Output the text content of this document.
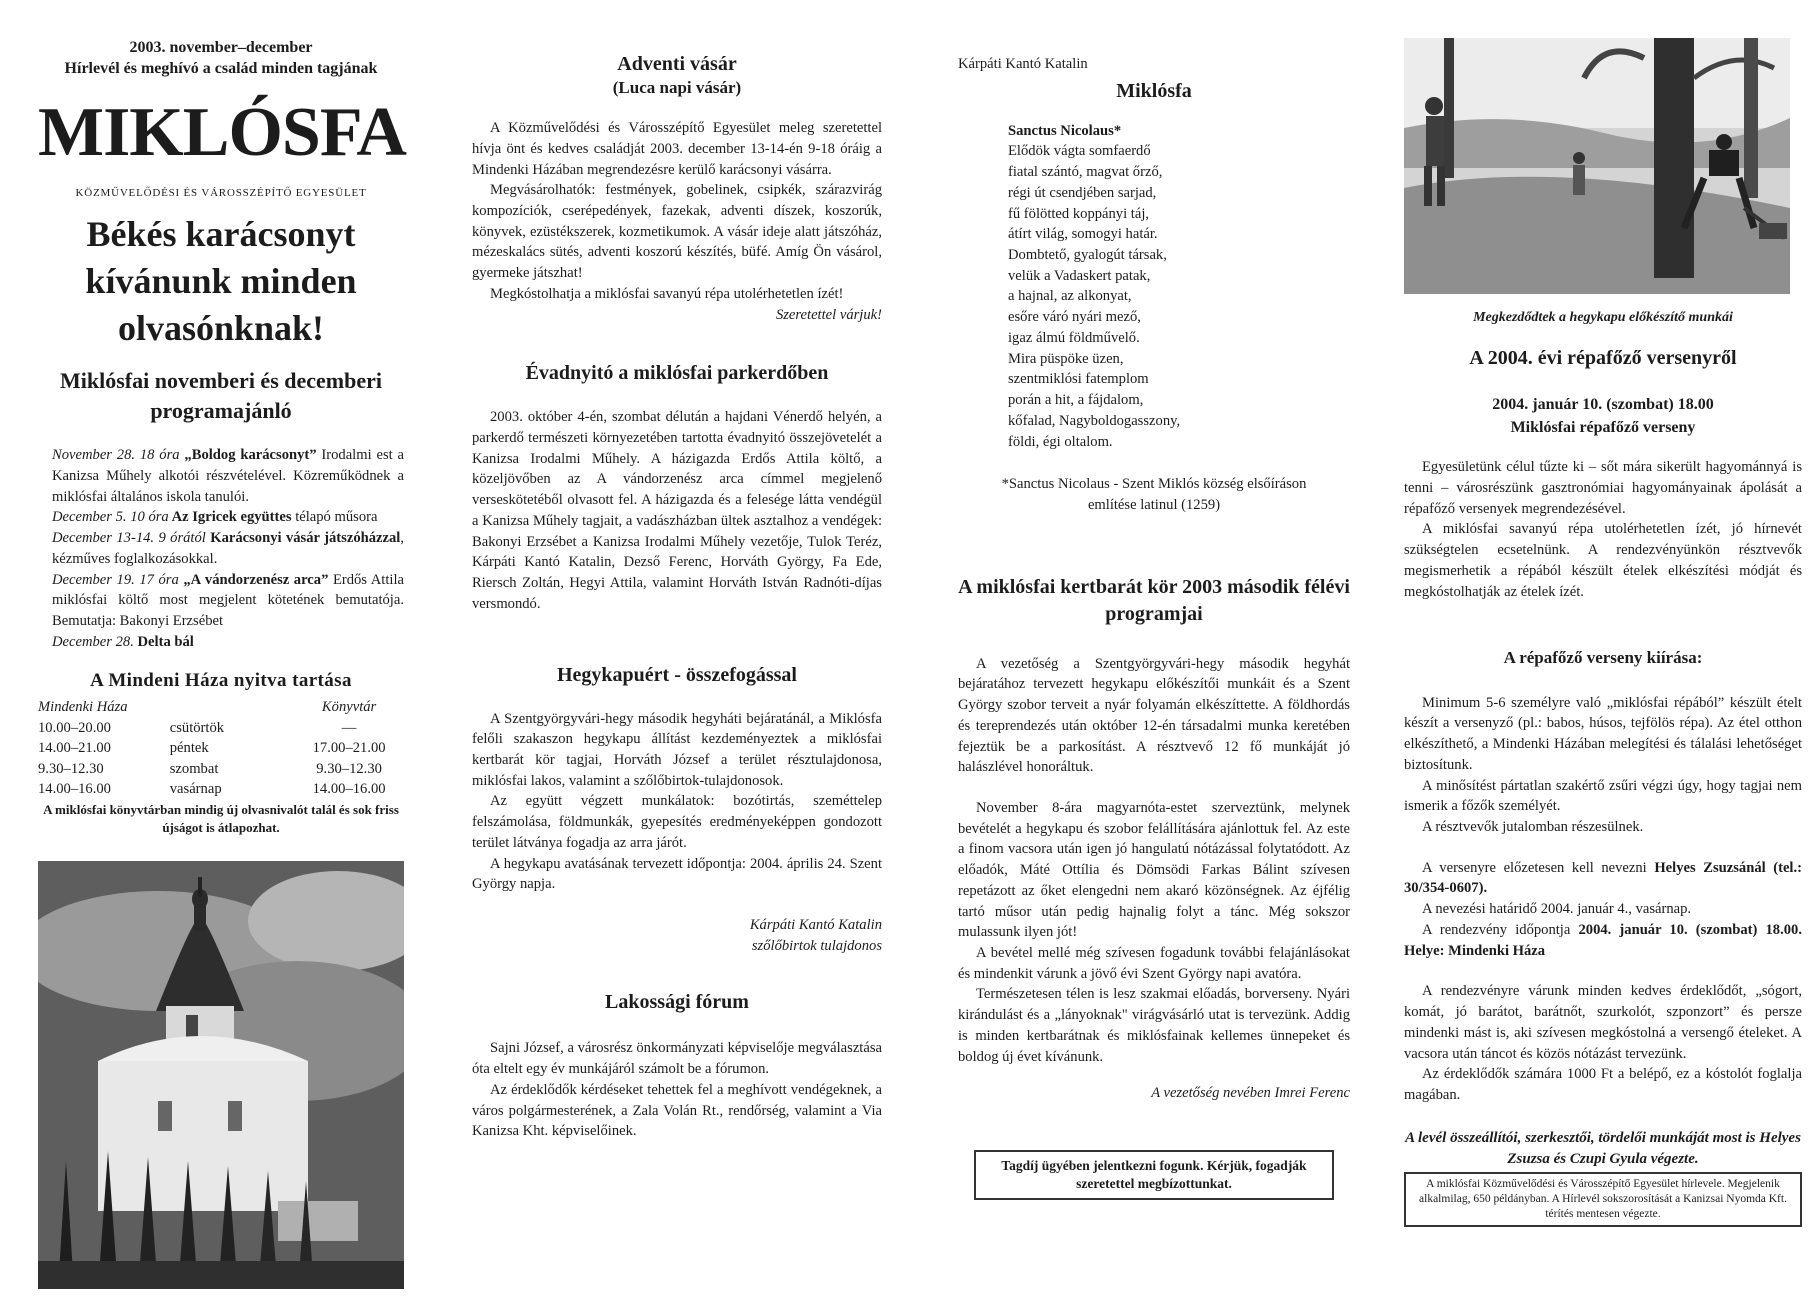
2003. november–december
Hírlevél és meghívó a család minden tagjának
MIKLÓSFA
KÖZMŰVELŐDÉSI ÉS VÁROSSZÉPÍTŐ EGYESÜLET
Békés karácsonyt kívánunk minden olvasónknak!
Miklósfai novemberi és decemberi programajánló

November 28. 18 óra „Boldog karácsonyt” Irodalmi est a Kanizsa Műhely alkotói részvételével. Közreműködnek a miklósfai általános iskola tanulói.

December 5. 10 óra Az Igricek együttes télapó műsora

December 13-14. 9 órától Karácsonyi vásár játszóházzal, kézműves foglalkozásokkal.

December 19. 17 óra „A vándorzenész arca” Erdős Attila miklósfai költő most megjelent kötetének bemutatója. Bemutatja: Bakonyi Erzsébet

December 28. Delta bál

A Mindeni Háza nyitva tartása
Mindenki Háza		Könyvtár
10.00–20.00	csütörtök	—
14.00–21.00	péntek	17.00–21.00
9.30–12.30	szombat	9.30–12.30
14.00–16.00	vasárnap	14.00–16.00
A miklósfai könyvtárban mindig új olvasnivalót talál és sok friss újságot is átlapozhat.
Adventi vásár
(Luca napi vásár)

A Közművelődési és Városszépítő Egyesület meleg szeretettel hívja önt és kedves családját 2003. december 13-14-én 9-18 óráig a Mindenki Házában megrendezésre kerülő karácsonyi vásárra.

Megvásárolhatók: festmények, gobelinek, csipkék, szárazvirág kompozíciók, cserépedények, fazekak, adventi díszek, koszorúk, könyvek, ezüstékszerek, kozmetikumok. A vásár ideje alatt játszóház, mézeskalács sütés, adventi koszorú készítés, büfé. Amíg Ön vásárol, gyermeke játszhat!

Megkóstolhatja a miklósfai savanyú répa utolérhetetlen ízét!

Szeretettel várjuk!
Évadnyitó a miklósfai parkerdőben

2003. október 4-én, szombat délután a hajdani Vénerdő helyén, a parkerdő természeti környezetében tartotta évadnyitó összejövetelét a Kanizsa Irodalmi Műhely. A házigazda Erdős Attila költő, a közeljövőben az A vándorzenész arca címmel megjelenő verseskötetéből olvasott fel. A házigazda és a felesége látta vendégül a Kanizsa Műhely tagjait, a vadászházban ültek asztalhoz a vendégek: Bakonyi Erzsébet a Kanizsa Irodalmi Műhely vezetője, Tulok Teréz, Kárpáti Kantó Katalin, Dezső Ferenc, Horváth György, Fa Ede, Riersch Zoltán, Hegyi Attila, valamint Horváth István Radnóti-díjas versmondó.

Hegykapuért - összefogással

A Szentgyörgyvári-hegy második hegyháti bejáratánál, a Miklósfa felőli szakaszon hegykapu állítást kezdeményeztek a miklósfai kertbarát kör tagjai, Horváth József a terület résztulajdonosa, miklósfai lakos, valamint a szőlőbirtok-tulajdonosok.

Az együtt végzett munkálatok: bozótirtás, szeméttelep felszámolása, földmunkák, gyepesítés eredményeképpen gondozott terület látványa fogadja az arra járót.

A hegykapu avatásának tervezett időpontja: 2004. április 24. Szent György napja.

Kárpáti Kantó Katalin
szőlőbirtok tulajdonos
Lakossági fórum

Sajni József, a városrész önkormányzati képviselője megválasztása óta eltelt egy év munkájáról számolt be a fórumon.

Az érdeklődők kérdéseket tehettek fel a meghívott vendégeknek, a város polgármesterének, a Zala Volán Rt., rendőrség, valamint a Via Kanizsa Kht. képviselőinek.

Kárpáti Kantó Katalin
Miklósfa
Sanctus Nicolaus*
Elődök vágta somfaerdő
fiatal szántó, magvat őrző,
régi út csendjében sarjad,
fű fölötted koppányi táj,
átírt világ, somogyi határ.
Dombtető, gyalogút társak,
velük a Vadaskert patak,
a hajnal, az alkonyat,
esőre váró nyári mező,
igaz álmú földművelő.
Mira püspöke üzen,
szentmiklósi fatemplom
porán a hit, a fájdalom,
kőfalad, Nagyboldogasszony,
földi, égi oltalom.
*Sanctus Nicolaus - Szent Miklós község elsőíráson említése latinul (1259)
A miklósfai kertbarát kör 2003 második félévi programjai

A vezetőség a Szentgyörgyvári-hegy második hegyhát bejáratához tervezett hegykapu előkészítői munkáit és a Szent György szobor terveit a nyár folyamán elkészíttette. A földhordás és tereprendezés után október 12-én társadalmi munka keretében fejeztük be a parkosítást. A résztvevő 12 fő munkáját jó halászlével honoráltuk.

November 8-ára magyarnóta-estet szerveztünk, melynek bevételét a hegykapu és szobor felállítására ajánlottuk fel. Az este a finom vacsora után igen jó hangulatú nótázással folytatódott. Az előadók, Máté Ottília és Dömsödi Farkas Bálint szívesen repetázott az őket elengedni nem akaró közönségnek. Az éjfélig tartó műsor után pedig hajnalig folyt a tánc. Még sokszor mulassunk ilyen jót!

A bevétel mellé még szívesen fogadunk további felajánlásokat és mindenkit várunk a jövő évi Szent György napi avatóra.

Természetesen télen is lesz szakmai előadás, borverseny. Nyári kirándulást és a „lányoknak" virágvásárló utat is tervezünk. Addig is minden kertbarátnak és miklósfainak kellemes ünnepeket és boldog új évet kívánunk.

A vezetőség nevében Imrei Ferenc
Tagdíj ügyében jelentkezni fogunk. Kérjük, fogadják szeretettel megbízottunkat.
Megkezdődtek a hegykapu előkészítő munkái
A 2004. évi répafőző versenyről
2004. január 10. (szombat) 18.00
Miklósfai répafőző verseny

Egyesületünk célul tűzte ki – sőt mára sikerült hagyománnyá is tenni – városrészünk gasztronómiai hagyományainak ápolását a répafőző versenyek megrendezésével.

A miklósfai savanyú répa utolérhetetlen ízét, jó hírnevét szükségtelen ecsetelnünk. A rendezvényünkön résztvevők megismerhetik a répából készült ételek elkészítési módját és megkóstolhatják az ételek ízét.

A répafőző verseny kiírása:

Minimum 5-6 személyre való „miklósfai répából” készült ételt készít a versenyző (pl.: babos, húsos, tejfölös répa). Az étel otthon elkészíthető, a Mindenki Házában melegítési és tálalási lehetőséget biztosítunk.

A minősítést pártatlan szakértő zsűri végzi úgy, hogy tagjai nem ismerik a főzők személyét.

A résztvevők jutalomban részesülnek.

A versenyre előzetesen kell nevezni Helyes Zsuzsánál (tel.: 30/354-0607).

A nevezési határidő 2004. január 4., vasárnap.

A rendezvény időpontja 2004. január 10. (szombat) 18.00. Helye: Mindenki Háza

A rendezvényre várunk minden kedves érdeklődőt, „sógort, komát, jó barátot, barátnőt, szurkolót, szponzort” és persze mindenki mást is, aki szívesen megkóstolná a versengő ételeket. A vacsora után táncot és közös nótázást tervezünk.

Az érdeklődők számára 1000 Ft a belépő, ez a kóstolót foglalja magában.

A levél összeállítói, szerkesztői, tördelői munkáját most is Helyes Zsuzsa és Czupi Gyula végezte.
A miklósfai Közművelődési és Városszépítő Egyesület hírlevele. Megjelenik alkalmilag, 650 példányban. A Hírlevél sokszorosítását a Kanizsai Nyomda Kft. térítés mentesen végezte.
